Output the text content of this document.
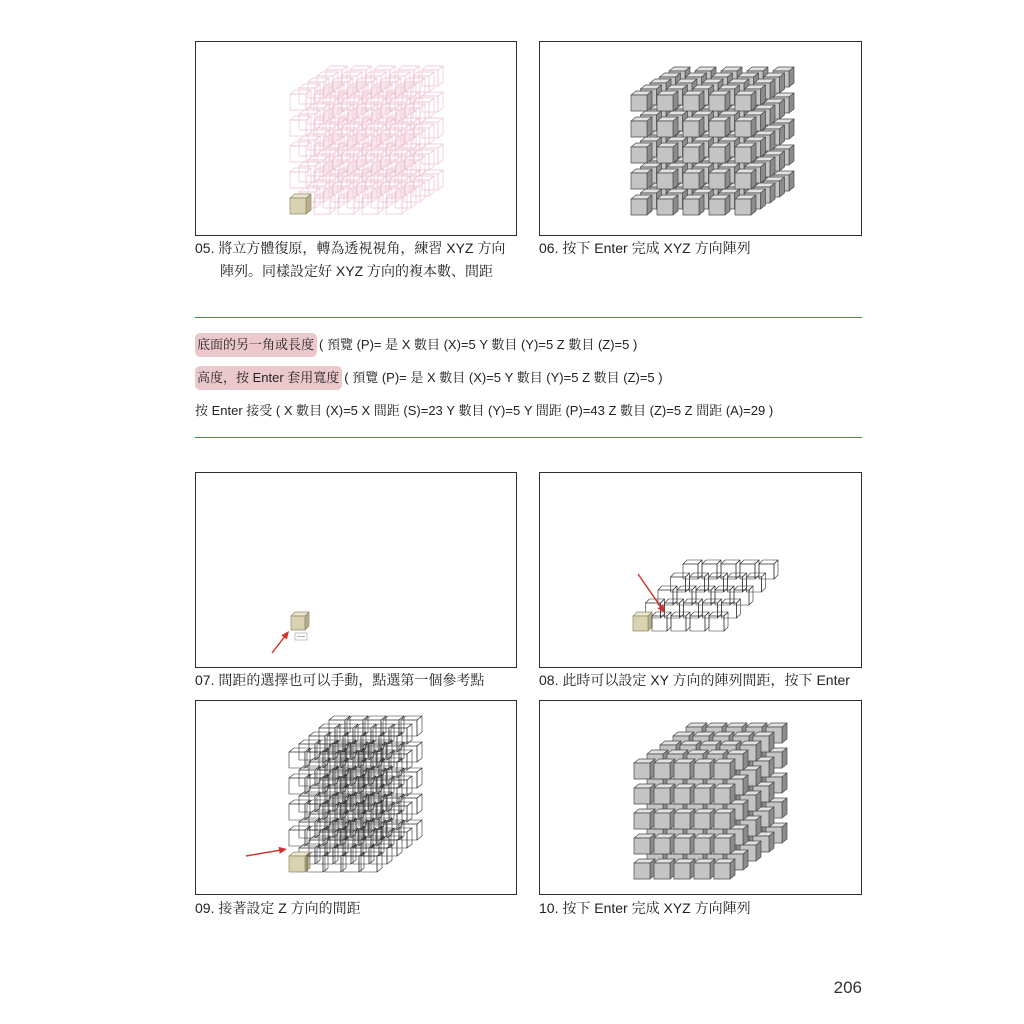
05. 將立方體復原，轉為透視視角，練習 XYZ 方向
陣列。同樣設定好 XYZ 方向的複本數、間距
06. 按下 Enter 完成 XYZ 方向陣列
底面的另一角或長度 ( 預覽 (P)= 是 X 數目 (X)=5 Y 數目 (Y)=5 Z 數目 (Z)=5 )
高度，按 Enter 套用寬度 ( 預覽 (P)= 是 X 數目 (X)=5 Y 數目 (Y)=5 Z 數目 (Z)=5 )
按 Enter 接受 ( X 數目 (X)=5 X 間距 (S)=23 Y 數目 (Y)=5 Y 間距 (P)=43 Z 數目 (Z)=5 Z 間距 (A)=29 )
07. 間距的選擇也可以手動，點選第一個參考點	08. 此時可以設定 XY 方向的陣列間距，按下 Enter
09. 接著設定 Z 方向的間距	10. 按下 Enter 完成 XYZ 方向陣列
206
